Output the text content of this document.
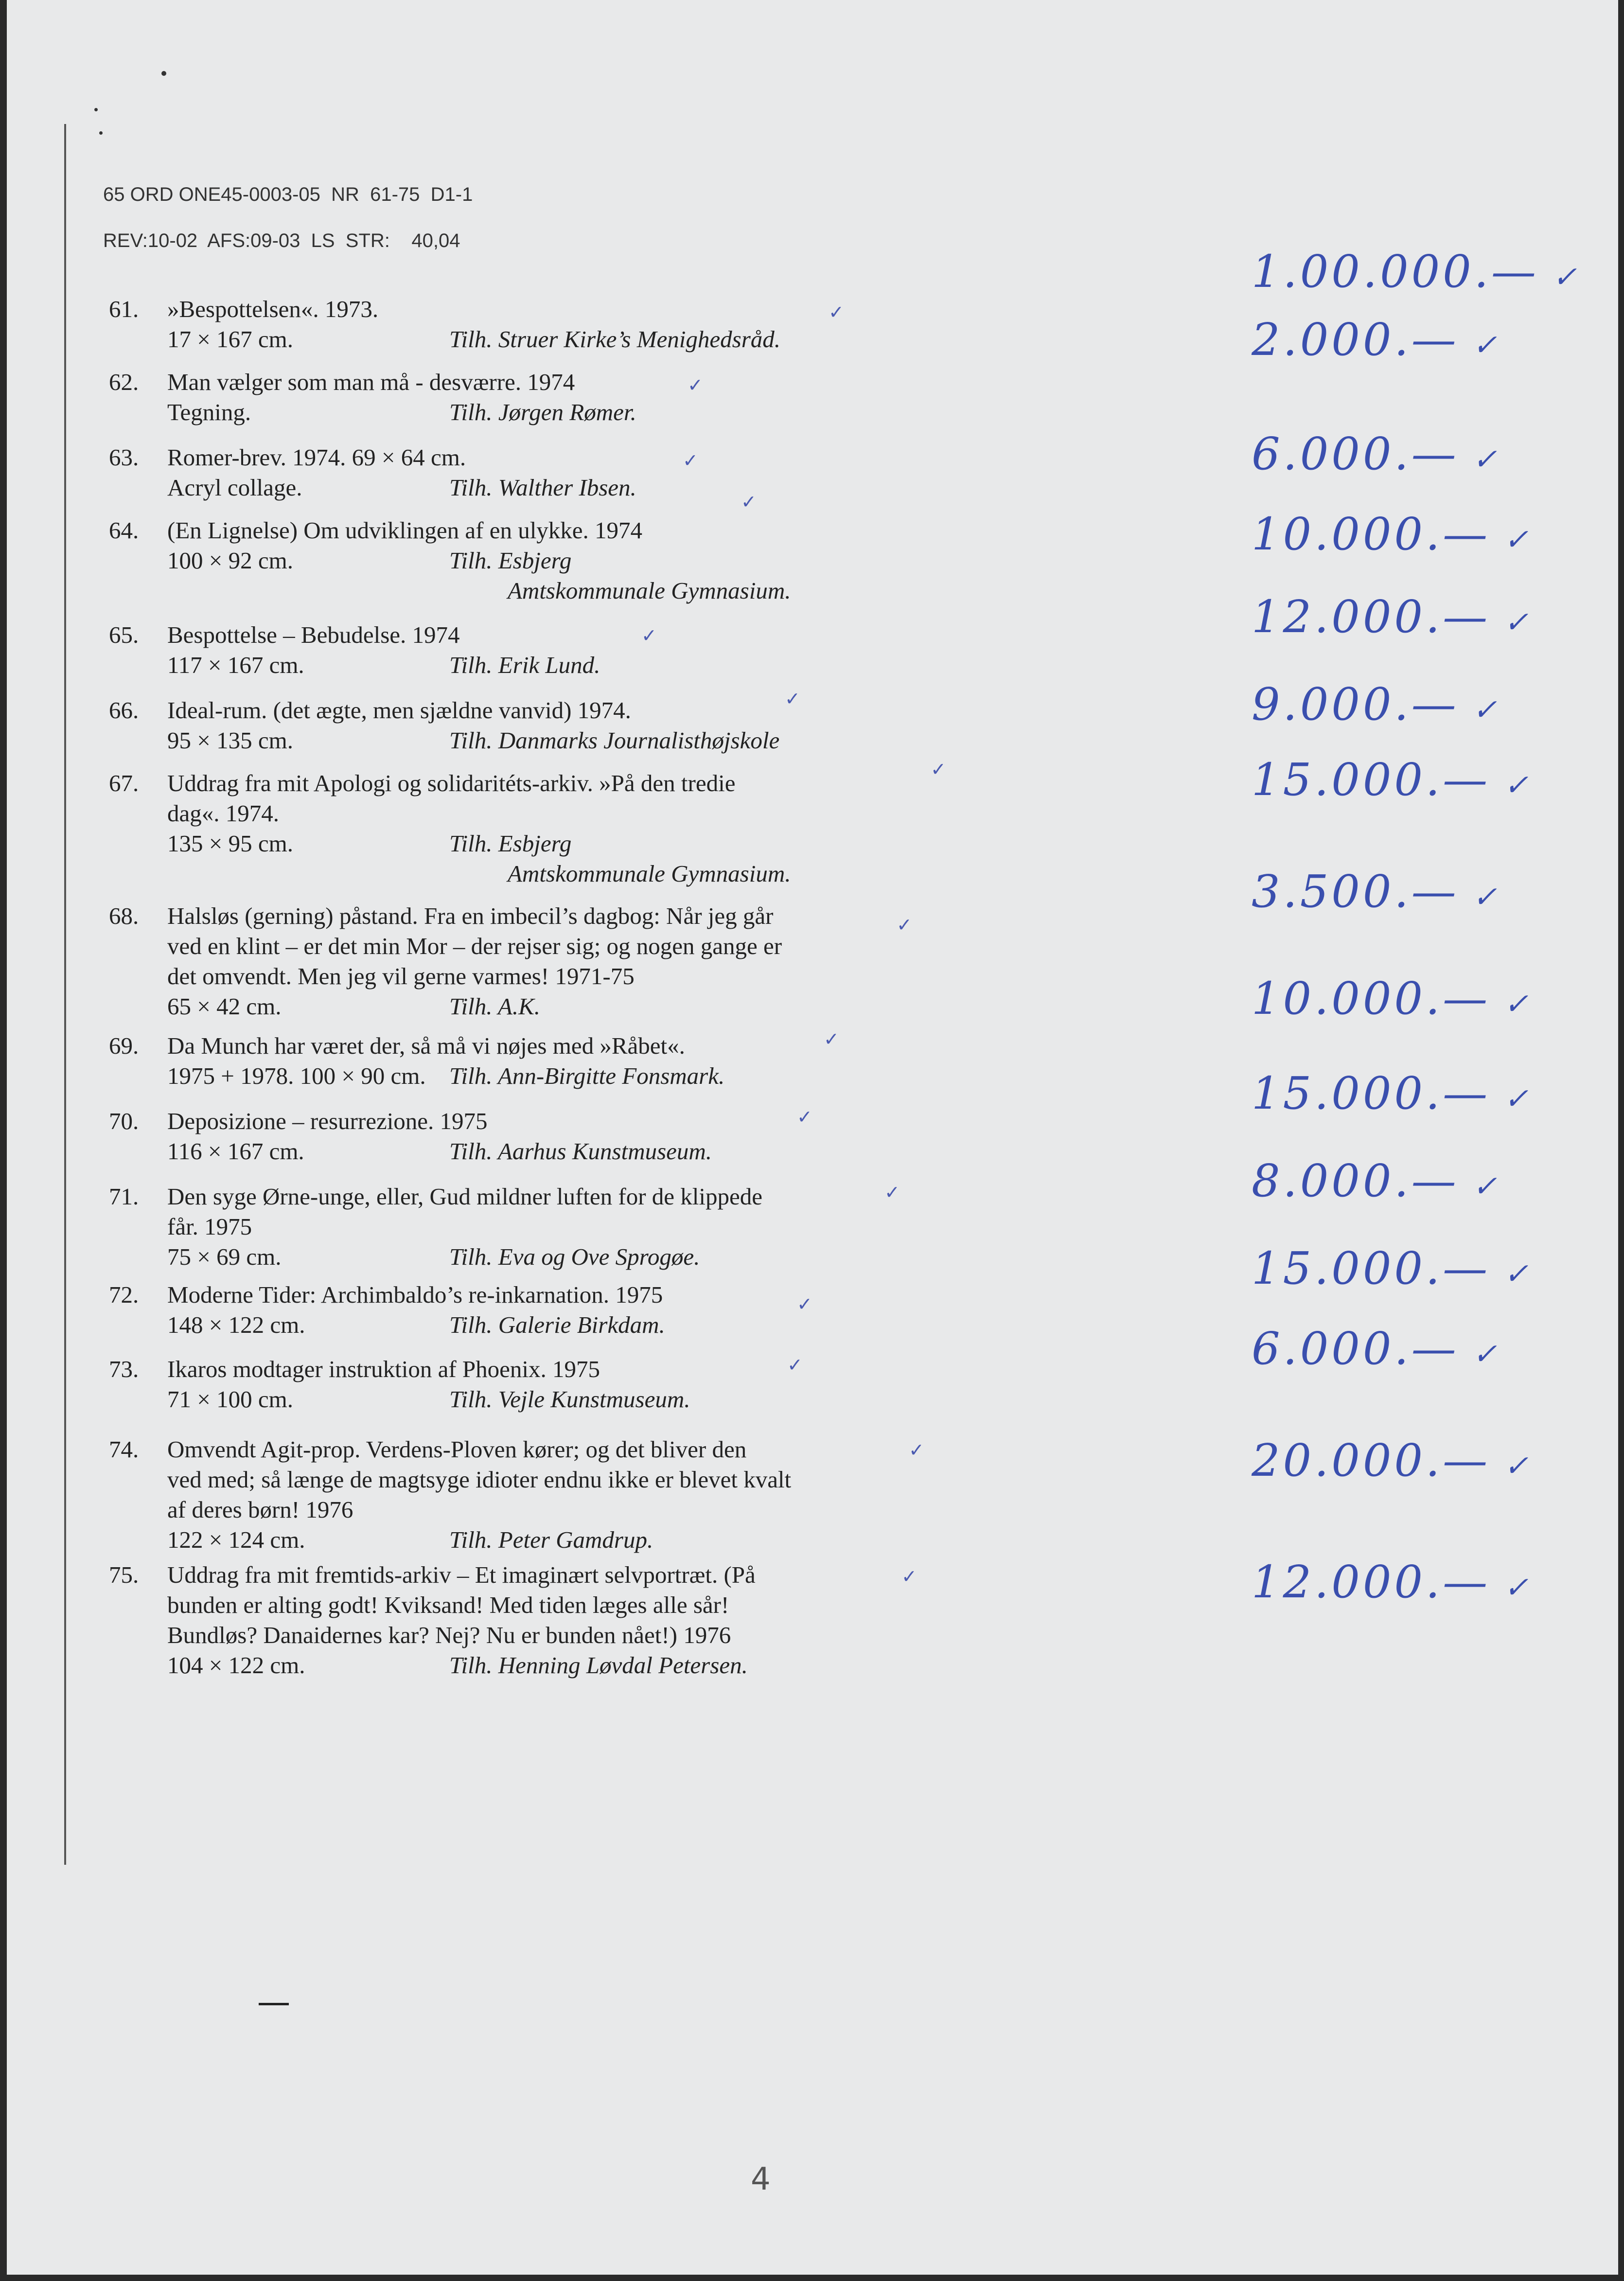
65 ORD ONE45-0003-05  NR  61-75  D1-1
REV:10-02  AFS:09-03  LS  STR:    40,04
61.	»Bespottelsen«. 1973.
17 × 167 cm.	Tilh. Struer Kirke’s Menighedsråd.
✓
1.00.000.— ✓
62.	Man vælger som man må - desværre. 1974
Tegning.	Tilh. Jørgen Rømer.
✓
2.000.— ✓
63.	Romer-brev. 1974. 69 × 64 cm.
Acryl collage.	Tilh. Walther Ibsen.
✓	6.000.— ✓
64.	(En Lignelse) Om udviklingen af en ulykke. 1974
100 × 92 cm.	Tilh. Esbjerg
Amtskommunale Gymnasium.
✓
10.000.— ✓
65.	Bespottelse – Bebudelse. 1974
117 × 167 cm.	Tilh. Erik Lund.
✓	12.000.— ✓
66.	Ideal-rum. (det ægte, men sjældne vanvid) 1974.
95 × 135 cm.	Tilh. Danmarks Journalisthøjskole
✓	9.000.— ✓
67.	Uddrag fra mit Apologi og solidaritéts-arkiv. »På den tredie
dag«. 1974.
135 × 95 cm.	Tilh. Esbjerg
Amtskommunale Gymnasium.
✓	15.000.— ✓
68.	Halsløs (gerning) påstand. Fra en imbecil’s dagbog: Når jeg går
ved en klint – er det min Mor – der rejser sig; og nogen gange er
det omvendt. Men jeg vil gerne varmes! 1971-75
65 × 42 cm.	Tilh. A.K.
✓
3.500.— ✓
69.	Da Munch har været der, så må vi nøjes med »Råbet«.
1975 + 1978. 100 × 90 cm. Tilh. Ann-Birgitte Fonsmark.
✓
10.000.— ✓
70.	Deposizione – resurrezione. 1975
116 × 167 cm.	Tilh. Aarhus Kunstmuseum.
✓	15.000.— ✓
71.	Den syge Ørne-unge, eller, Gud mildner luften for de klippede
får. 1975
75 × 69 cm.	Tilh. Eva og Ove Sprogøe.
✓	8.000.— ✓
72.	Moderne Tider: Archimbaldo’s re-inkarnation. 1975
148 × 122 cm.	Tilh. Galerie Birkdam.
✓
15.000.— ✓
73.	Ikaros modtager instruktion af Phoenix. 1975
71 × 100 cm.	Tilh. Vejle Kunstmuseum.
✓	6.000.— ✓
74.	Omvendt Agit-prop. Verdens-Ploven kører; og det bliver den
ved med; så længe de magtsyge idioter endnu ikke er blevet kvalt
af deres børn! 1976
122 × 124 cm.	Tilh. Peter Gamdrup.
✓	20.000.— ✓
75.	Uddrag fra mit fremtids-arkiv – Et imaginært selvportræt. (På
bunden er alting godt! Kviksand! Med tiden læges alle sår!
Bundløs? Danaidernes kar? Nej? Nu er bunden nået!) 1976
104 × 122 cm.	Tilh. Henning Løvdal Petersen.
✓	12.000.— ✓
4
